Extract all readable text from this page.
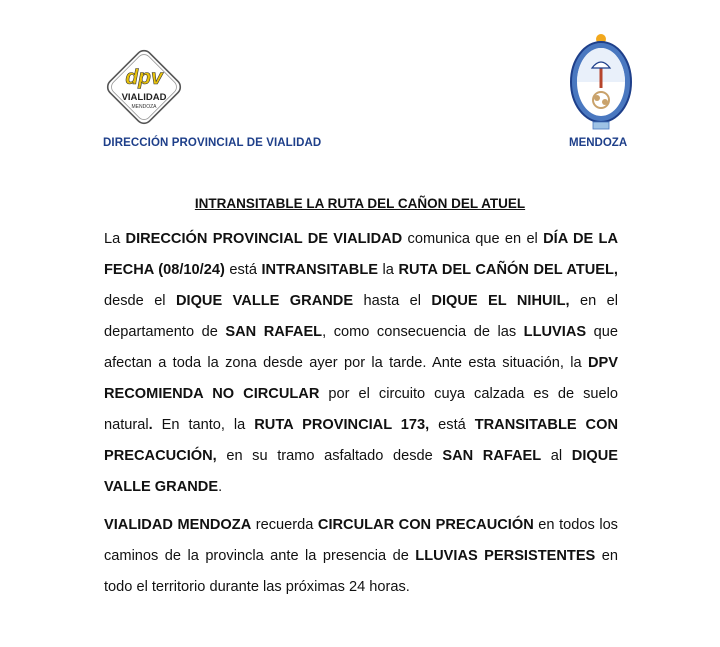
dpv
VIALIDAD
MENDOZA
DIRECCIÓN PROVINCIAL DE VIALIDAD	MENDOZA
INTRANSITABLE LA RUTA DEL CAÑON DEL ATUEL

La DIRECCIÓN PROVINCIAL DE VIALIDAD comunica que en el DÍA DE LA FECHA (08/10/24) está INTRANSITABLE la RUTA DEL CAÑÓN DEL ATUEL, desde el DIQUE VALLE GRANDE hasta el DIQUE EL NIHUIL, en el departamento de SAN RAFAEL, como consecuencia de las LLUVIAS que afectan a toda la zona desde ayer por la tarde. Ante esta situación, la DPV RECOMIENDA NO CIRCULAR por el circuito cuya calzada es de suelo natural. En tanto, la RUTA PROVINCIAL 173, está TRANSITABLE CON PRECACUCIÓN, en su tramo asfaltado desde SAN RAFAEL al DIQUE VALLE GRANDE.

VIALIDAD MENDOZA recuerda CIRCULAR CON PRECAUCIÓN en todos los caminos de la provincla ante la presencia de LLUVIAS PERSISTENTES en todo el territorio durante las próximas 24 horas.
